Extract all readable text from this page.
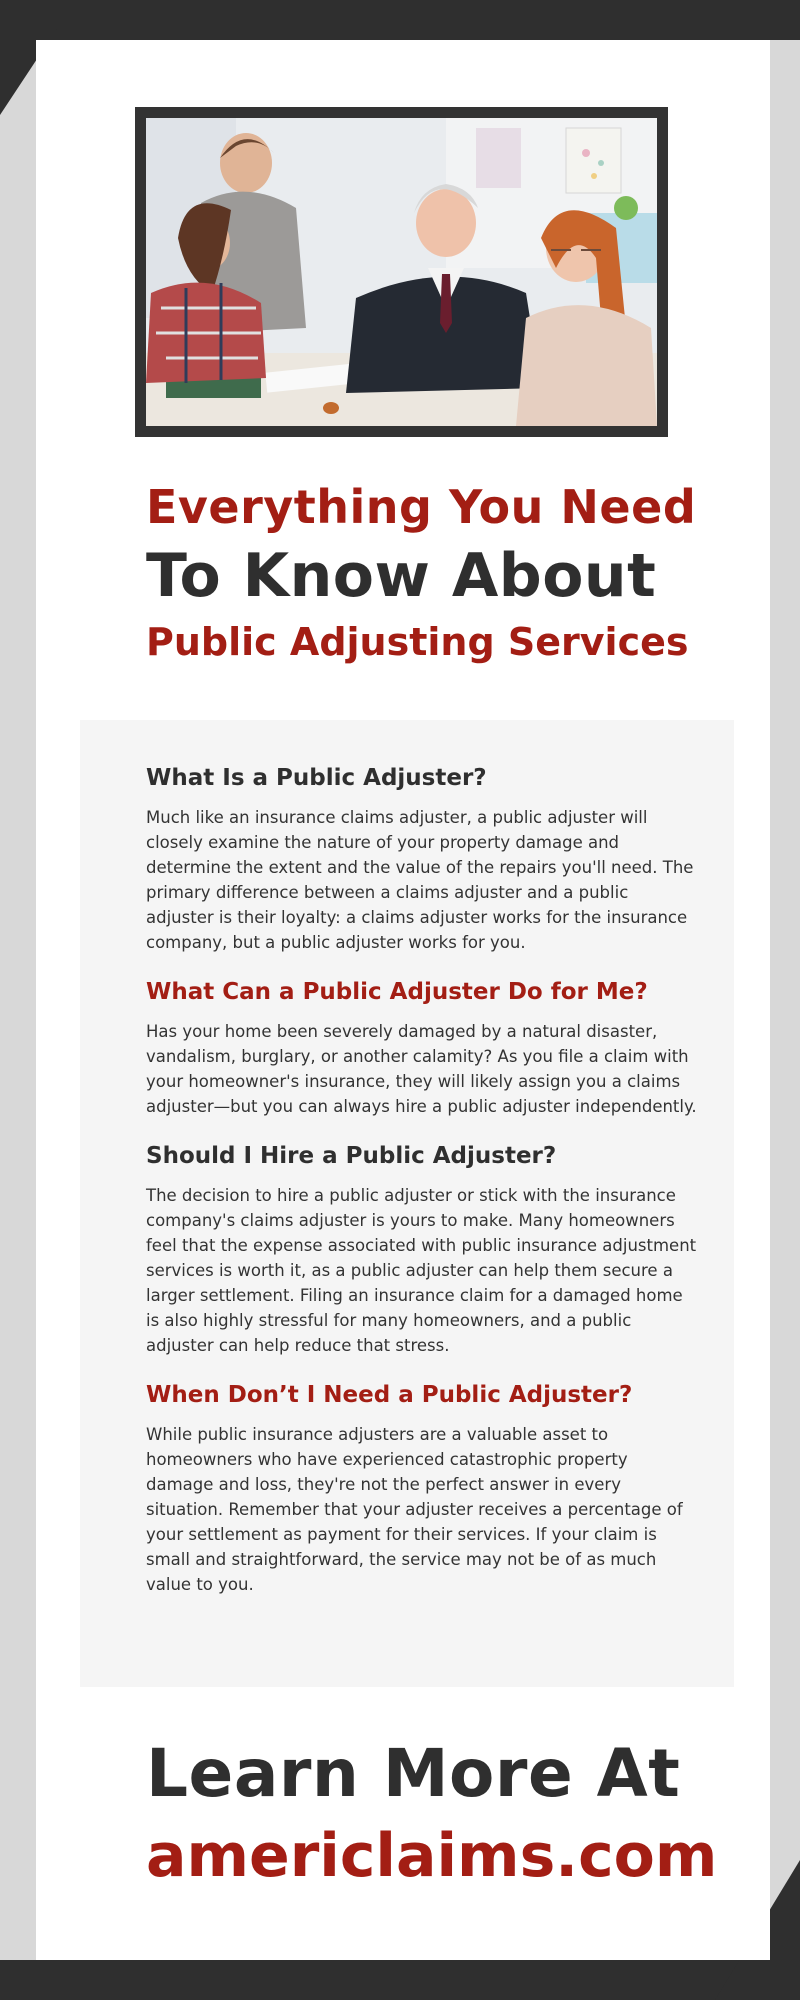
Everything You Need
To Know About
Public Adjusting Services
What Is a Public Adjuster?

Much like an insurance claims adjuster, a public adjuster will closely examine the nature of your property damage and determine the extent and the value of the repairs you'll need. The primary difference between a claims adjuster and a public adjuster is their loyalty: a claims adjuster works for the insurance company, but a public adjuster works for you.

What Can a Public Adjuster Do for Me?

Has your home been severely damaged by a natural disaster, vandalism, burglary, or another calamity? As you file a claim with your homeowner's insurance, they will likely assign you a claims adjuster—but you can always hire a public adjuster independently.

Should I Hire a Public Adjuster?

The decision to hire a public adjuster or stick with the insurance company's claims adjuster is yours to make. Many homeowners feel that the expense associated with public insurance adjustment services is worth it, as a public adjuster can help them secure a larger settlement. Filing an insurance claim for a damaged home is also highly stressful for many homeowners, and a public adjuster can help reduce that stress.

When Don’t I Need a Public Adjuster?

While public insurance adjusters are a valuable asset to homeowners who have experienced catastrophic property damage and loss, they're not the perfect answer in every situation. Remember that your adjuster receives a percentage of your settlement as payment for their services. If your claim is small and straightforward, the service may not be of as much value to you.

Learn More At
americlaims.com
